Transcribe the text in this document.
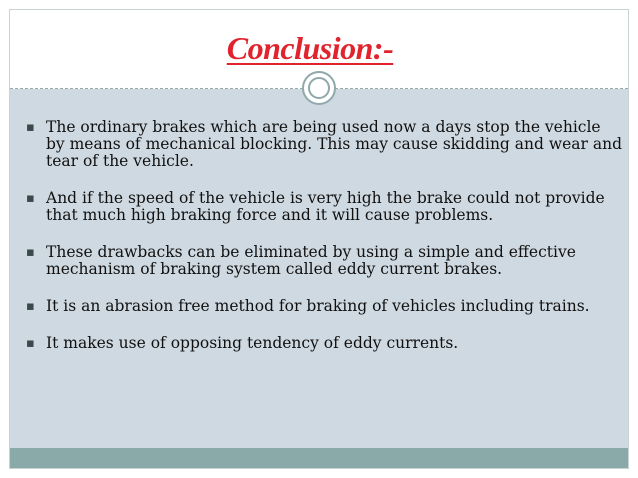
Conclusion:-
▪ The ordinary brakes which are being used now a days stop the vehicle by means of mechanical blocking. This may cause skidding and wear and tear of the vehicle.
▪ And if the speed of the vehicle is very high the brake could not provide that much high braking force and it will cause problems.
▪ These drawbacks can be eliminated by using a simple and effective mechanism of braking system called eddy current brakes.
▪ It is an abrasion free method for braking of vehicles including trains.
▪ It makes use of opposing tendency of eddy currents.
